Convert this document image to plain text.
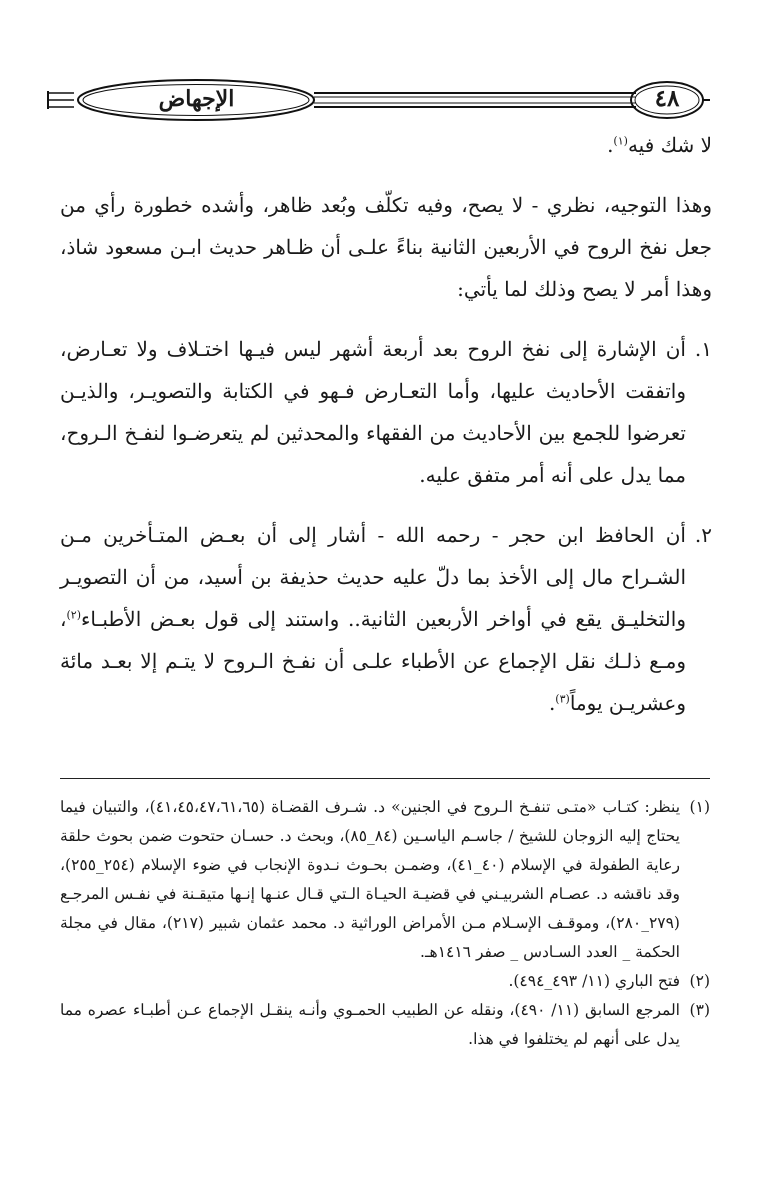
الإجهاض	٤٨

لا شك فيه$^{(١)}$.

وهذا التوجيه، نظري - لا يصح، وفيه تكلّف وبُعد ظاهر، وأشده خطورة رأي من جعل نفخ الروح في الأربعين الثانية بناءً علـى أن ظـاهر حديث ابـن مسعود شاذ، وهذا أمر لا يصح وذلك لما يأتي:

١.
أن الإشارة إلى نفخ الروح بعد أربعة أشهر ليس فيـها اختـلاف ولا تعـارض، واتفقت الأحاديث عليها، وأما التعـارض فـهو في الكتابة والتصويـر، والذيـن تعرضوا للجمع بين الأحاديث من الفقهاء والمحدثين لم يتعرضـوا لنفـخ الـروح، مما يدل على أنه أمر متفق عليه.

٢.
أن الحافظ ابن حجر - رحمه الله - أشار إلى أن بعـض المتـأخرين مـن الشـراح مال إلى الأخذ بما دلّ عليه حديث حذيفة بن أسيد، من أن التصويـر والتخليـق يقع في أواخر الأربعين الثانية.. واستند إلى قول بعـض الأطبـاء$^{(٢)}$، ومـع ذلـك نقل الإجماع عن الأطباء علـى أن نفـخ الـروح لا يتـم إلا بعـد مائة وعشريـن يوماً$^{(٣)}$.

(١)
ينظر: كتـاب «متـى تنفـخ الـروح في الجنين» د. شـرف القضـاة (٤١،٤٥،٤٧،٦١،٦٥)، والتبيان فيما يحتاج إليه الزوجان للشيخ / جاسـم الياسـين (٨٤_٨٥)، وبحث د. حسـان حتحوت ضمن بحوث حلقة رعاية الطفولة في الإسلام (٤٠_٤١)، وضمـن بحـوث نـدوة الإنجاب في ضوء الإسلام (٢٥٤_٢٥٥)، وقد ناقشه د. عصـام الشربيـني في قضيـة الحيـاة الـتي قـال عنـها إنـها متيقـنة في نفـس المرجـع (٢٧٩_٢٨٠)، وموقـف الإسـلام مـن الأمراض الوراثية د. محمد عثمان شبير (٢١٧)، مقال في مجلة الحكمة _ العدد السـادس _ صفر ١٤١٦هـ.

(٢)
فتح الباري (١١/ ٤٩٣_٤٩٤).

(٣)
المرجع السابق (١١/ ٤٩٠)، ونقله عن الطبيب الحمـوي وأنـه ينقـل الإجماع عـن أطبـاء عصره مما يدل على أنهم لم يختلفوا في هذا.
